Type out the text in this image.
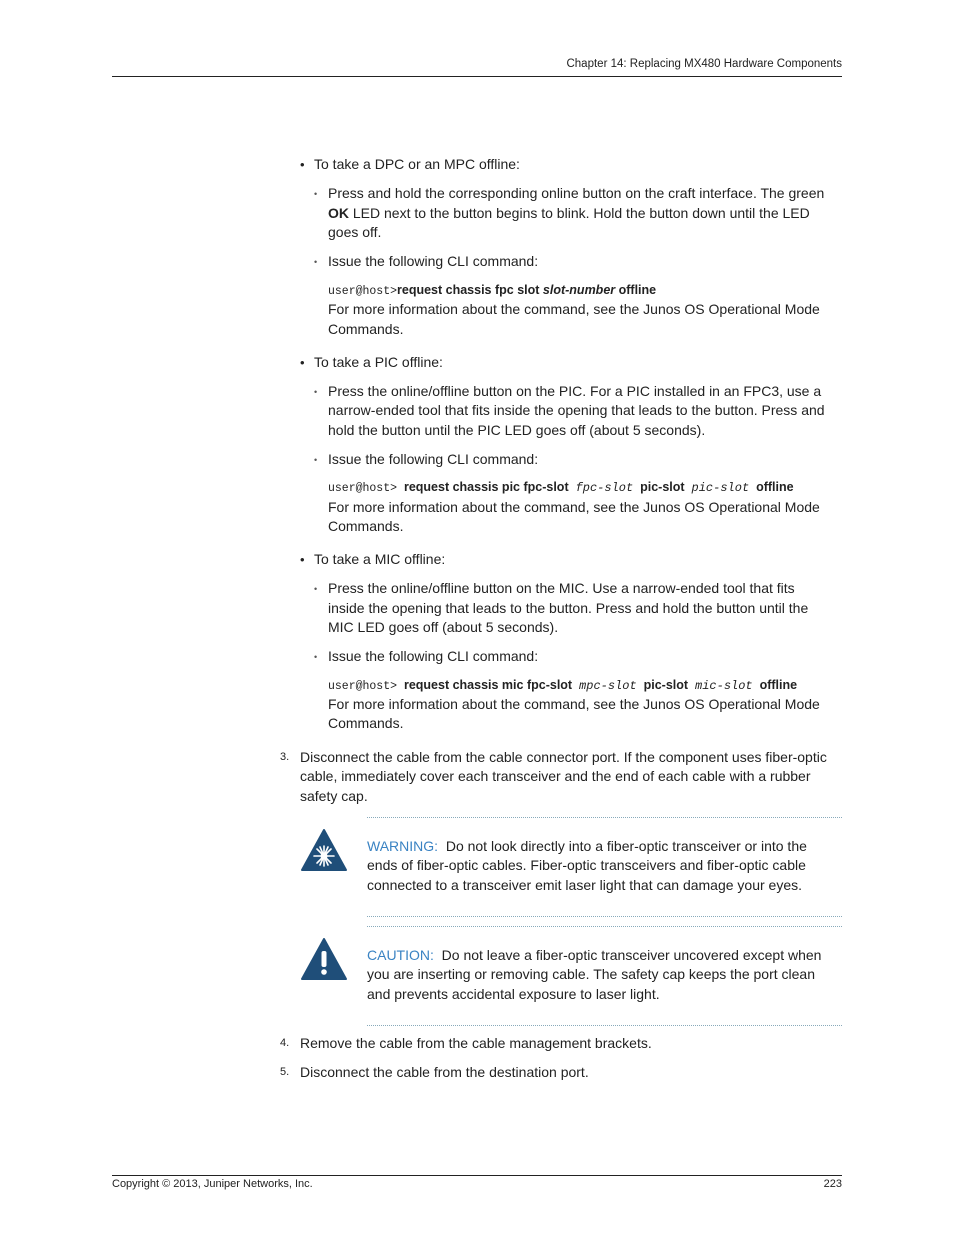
Chapter 14: Replacing MX480 Hardware Components
• To take a DPC or an MPC offline:
• Press and hold the corresponding online button on the craft interface. The green
OK LED next to the button begins to blink. Hold the button down until the LED
goes off.
• Issue the following CLI command:
user@host>request chassis fpc slot slot-number offline
For more information about the command, see the Junos OS Operational Mode
Commands.
• To take a PIC offline:
• Press the online/offline button on the PIC. For a PIC installed in an FPC3, use a
narrow-ended tool that fits inside the opening that leads to the button. Press and
hold the button until the PIC LED goes off (about 5 seconds).
• Issue the following CLI command:
user@host> request chassis pic fpc-slot fpc-slot pic-slot pic-slot offline
For more information about the command, see the Junos OS Operational Mode
Commands.
• To take a MIC offline:
• Press the online/offline button on the MIC. Use a narrow-ended tool that fits
inside the opening that leads to the button. Press and hold the button until the
MIC LED goes off (about 5 seconds).
• Issue the following CLI command:
user@host> request chassis mic fpc-slot mpc-slot pic-slot mic-slot offline
For more information about the command, see the Junos OS Operational Mode
Commands.
3. Disconnect the cable from the cable connector port. If the component uses fiber-optic
cable, immediately cover each transceiver and the end of each cable with a rubber
safety cap.
WARNING: Do not look directly into a fiber-optic transceiver or into the
ends of fiber-optic cables. Fiber-optic transceivers and fiber-optic cable
connected to a transceiver emit laser light that can damage your eyes.
CAUTION: Do not leave a fiber-optic transceiver uncovered except when
you are inserting or removing cable. The safety cap keeps the port clean
and prevents accidental exposure to laser light.
4. Remove the cable from the cable management brackets.
5. Disconnect the cable from the destination port.
Copyright © 2013, Juniper Networks, Inc.	223
